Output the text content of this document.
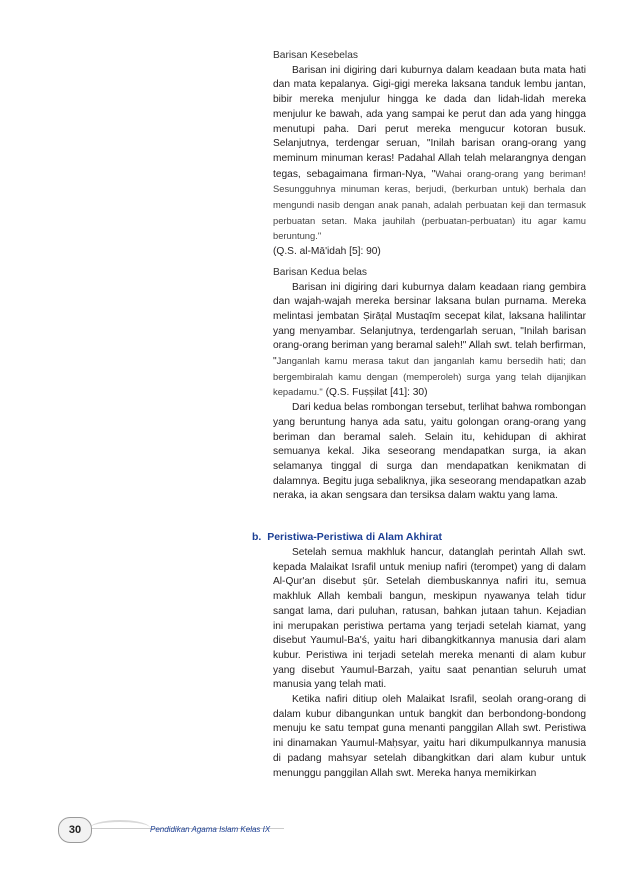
Barisan Kesebelas

Barisan ini digiring dari kuburnya dalam keadaan buta mata hati dan mata kepalanya. Gigi-gigi mereka laksana tanduk lembu jantan, bibir mereka menjulur hingga ke dada dan lidah-lidah mereka menjulur ke bawah, ada yang sampai ke perut dan ada yang hingga menutupi paha. Dari perut mereka mengucur kotoran busuk. Selanjutnya, terdengar seruan, "Inilah barisan orang-orang yang meminum minuman keras! Padahal Allah telah melarangnya dengan tegas, sebagaimana firman-Nya, "Wahai orang-orang yang beriman! Sesungguhnya minuman keras, berjudi, (berkurban untuk) berhala dan mengundi nasib dengan anak panah, adalah perbuatan keji dan termasuk perbuatan setan. Maka jauhilah (perbuatan-perbuatan) itu agar kamu beruntung."
(Q.S. al-Mā'idah [5]: 90)

Barisan Kedua belas

Barisan ini digiring dari kuburnya dalam keadaan riang gembira dan wajah-wajah mereka bersinar laksana bulan purnama. Mereka melintasi jembatan Ṣirāṭal Mustaqīm secepat kilat, laksana halilintar yang menyambar. Selanjutnya, terdengarlah seruan, "Inilah barisan orang-orang beriman yang beramal saleh!" Allah swt. telah berfirman, "Janganlah kamu merasa takut dan janganlah kamu bersedih hati; dan bergembiralah kamu dengan (memperoleh) surga yang telah dijanjikan kepadamu." (Q.S. Fuṣṣilat [41]: 30)

Dari kedua belas rombongan tersebut, terlihat bahwa rombongan yang beruntung hanya ada satu, yaitu golongan orang-orang yang beriman dan beramal saleh. Selain itu, kehidupan di akhirat semuanya kekal. Jika seseorang mendapatkan surga, ia akan selamanya tinggal di surga dan mendapatkan kenikmatan di dalamnya. Begitu juga sebaliknya, jika seseorang mendapatkan azab neraka, ia akan sengsara dan tersiksa dalam waktu yang lama.

b. Peristiwa-Peristiwa di Alam Akhirat

Setelah semua makhluk hancur, datanglah perintah Allah swt. kepada Malaikat Israfil untuk meniup nafiri (terompet) yang di dalam Al-Qur'an disebut ṣūr. Setelah diembuskannya nafiri itu, semua makhluk Allah kembali bangun, meskipun nyawanya telah tidur sangat lama, dari puluhan, ratusan, bahkan jutaan tahun. Kejadian ini merupakan peristiwa pertama yang terjadi setelah kiamat, yang disebut Yaumul-Ba'ś, yaitu hari dibangkitkannya manusia dari alam kubur. Peristiwa ini terjadi setelah mereka menanti di alam kubur yang disebut Yaumul-Barzah, yaitu saat penantian seluruh umat manusia yang telah mati.

Ketika nafiri ditiup oleh Malaikat Israfil, seolah orang-orang di dalam kubur dibangunkan untuk bangkit dan berbondong-bondong menuju ke satu tempat guna menanti panggilan Allah swt. Peristiwa ini dinamakan Yaumul-Maḥsyar, yaitu hari dikumpulkannya manusia di padang mahsyar setelah dibangkitkan dari alam kubur untuk menunggu panggilan Allah swt. Mereka hanya memikirkan

30	Pendidikan Agama Islam Kelas IX
